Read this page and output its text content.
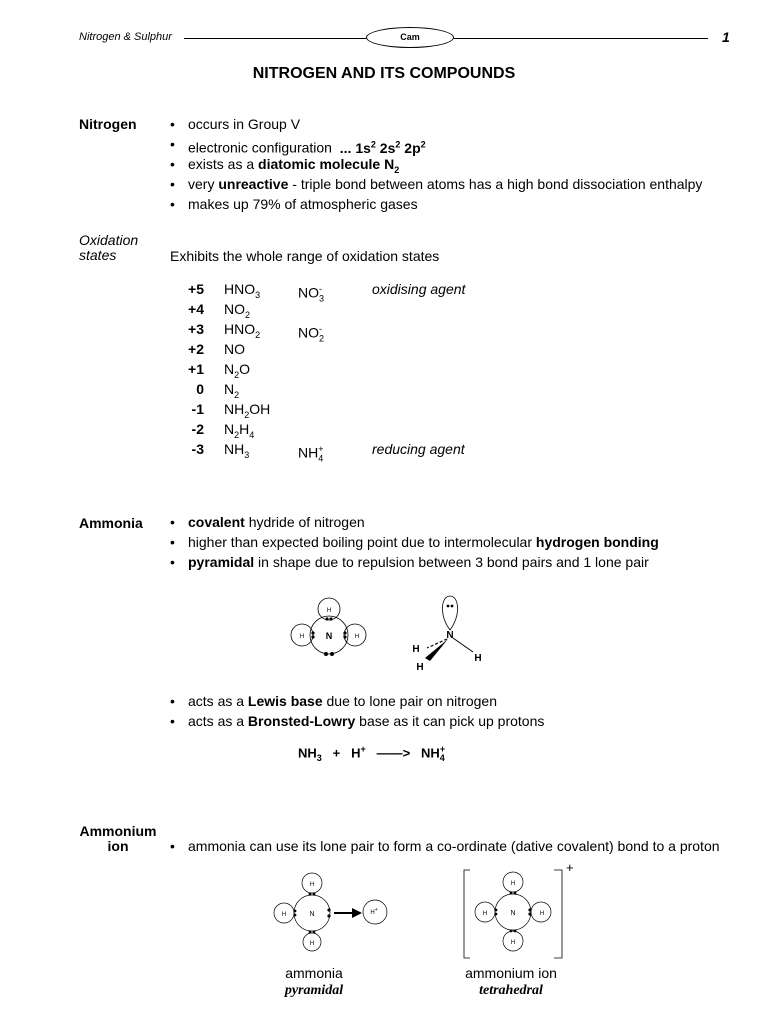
Nitrogen & Sulphur	Cam	1
NITROGEN AND ITS COMPOUNDS
Nitrogen	• occurs in Group V
• electronic configuration ... $1s^2$ $2s^2$ $2p^2$
• exists as a diatomic molecule $N_2$
• very unreactive - triple bond between atoms has a high bond dissociation enthalpy
• makes up 79% of atmospheric gases
Oxidation
states	Exhibits the whole range of oxidation states
+5 $HNO_3$	$NO_3^-$	oxidising agent
+4 $NO_2$
+3 $HNO_2$	$NO_2^-$
+2 NO
+1 $N_2O$
0 $N_2$
-1 $NH_2OH$
-2 $N_2H_4$
-3 $NH_3$	$NH_4^+$	reducing agent
Ammonia	• covalent hydride of nitrogen
• higher than expected boiling point due to intermolecular hydrogen bonding
• pyramidal in shape due to repulsion between 3 bond pairs and 1 lone pair
N
H
H	H	N
H
H
H
• acts as a Lewis base due to lone pair on nitrogen
• acts as a Bronsted-Lowry base as it can pick up protons
$NH_3 + H^+$ ——> $NH_4^+$
Ammonium
ion	• ammonia can use its lone pair to form a co-ordinate (dative covalent) bond to a proton
N
H
H
H	H+
ammonia
pyramidal
+
N
H
H
H	H
ammonium ion
tetrahedral
